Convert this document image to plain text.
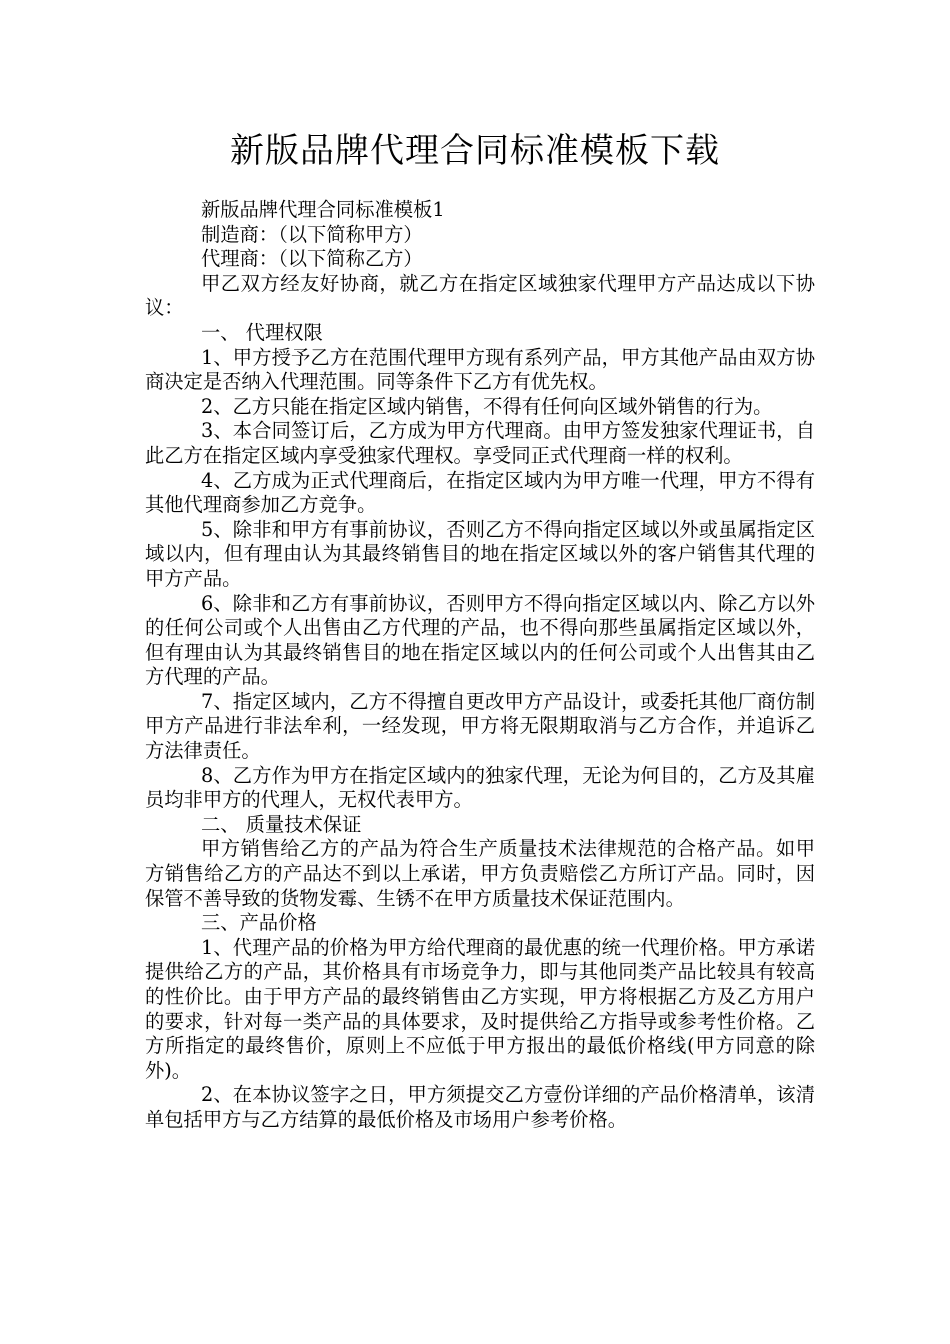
新版品牌代理合同标准模板下载

新版品牌代理合同标准模板1

制造商：（以下简称甲方）

代理商：（以下简称乙方）

甲乙双方经友好协商，就乙方在指定区域独家代理甲方产品达成以下协议：

一、 代理权限

1、甲方授予乙方在范围代理甲方现有系列产品，甲方其他产品由双方协商决定是否纳入代理范围。同等条件下乙方有优先权。

2、乙方只能在指定区域内销售，不得有任何向区域外销售的行为。

3、本合同签订后，乙方成为甲方代理商。由甲方签发独家代理证书，自此乙方在指定区域内享受独家代理权。享受同正式代理商一样的权利。

4、乙方成为正式代理商后，在指定区域内为甲方唯一代理，甲方不得有其他代理商参加乙方竞争。

5、除非和甲方有事前协议，否则乙方不得向指定区域以外或虽属指定区域以内，但有理由认为其最终销售目的地在指定区域以外的客户销售其代理的甲方产品。

6、除非和乙方有事前协议，否则甲方不得向指定区域以内、除乙方以外的任何公司或个人出售由乙方代理的产品，也不得向那些虽属指定区域以外，但有理由认为其最终销售目的地在指定区域以内的任何公司或个人出售其由乙方代理的产品。

7、指定区域内，乙方不得擅自更改甲方产品设计，或委托其他厂商仿制甲方产品进行非法牟利，一经发现，甲方将无限期取消与乙方合作，并追诉乙方法律责任。

8、乙方作为甲方在指定区域内的独家代理，无论为何目的，乙方及其雇员均非甲方的代理人，无权代表甲方。

二、 质量技术保证

甲方销售给乙方的产品为符合生产质量技术法律规范的合格产品。如甲方销售给乙方的产品达不到以上承诺，甲方负责赔偿乙方所订产品。同时，因保管不善导致的货物发霉、生锈不在甲方质量技术保证范围内。

三、产品价格

1、代理产品的价格为甲方给代理商的最优惠的统一代理价格。甲方承诺提供给乙方的产品，其价格具有市场竞争力，即与其他同类产品比较具有较高的性价比。由于甲方产品的最终销售由乙方实现，甲方将根据乙方及乙方用户的要求，针对每一类产品的具体要求，及时提供给乙方指导或参考性价格。乙方所指定的最终售价，原则上不应低于甲方报出的最低价格线(甲方同意的除外)。

2、在本协议签字之日，甲方须提交乙方壹份详细的产品价格清单，该清单包括甲方与乙方结算的最低价格及市场用户参考价格。
